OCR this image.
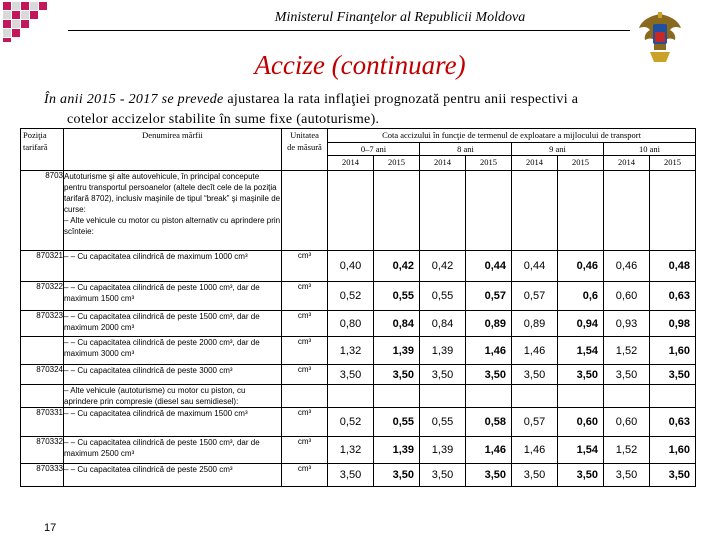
Ministerul Finanţelor al Republicii Moldova
Accize (continuare)
În anii 2015 - 2017 se prevede ajustarea la rata inflaţiei prognozată pentru anii respectivi a
cotelor accizelor stabilite în sume fixe (autoturisme).
Poziţia tarifară	Denumirea mărfii	Unitatea de măsură	Cota accizului în funcţie de termenul de exploatare a mijlocului de transport							
			0–7 ani		8 ani		9 ani		10 ani	
			2014	2015	2014	2015	2014	2015	2014	2015
8703	Autoturisme şi alte autovehicule, în principal concepute pentru transportul persoanelor (altele decît cele de la poziţia tarifară 8702), inclusiv maşinile de tipul “break” şi maşinile de curse:
– Alte vehicule cu motor cu piston alternativ cu aprindere prin scînteie:									
870321	– – Cu capacitatea cilindrică de maximum 1000 cm³	cm³	0,40	0,42	0,42	0,44	0,44	0,46	0,46	0,48
870322	– – Cu capacitatea cilindrică de peste 1000 cm³, dar de maximum 1500 cm³	cm³	0,52	0,55	0,55	0,57	0,57	0,6	0,60	0,63
870323	– – Cu capacitatea cilindrică de peste 1500 cm³, dar de maximum 2000 cm³	cm³	0,80	0,84	0,84	0,89	0,89	0,94	0,93	0,98
	– – Cu capacitatea cilindrică de peste 2000 cm³, dar de maximum 3000 cm³	cm³	1,32	1,39	1,39	1,46	1,46	1,54	1,52	1,60
870324	– – Cu capacitatea cilindrică de peste 3000 cm³	cm³	3,50	3,50	3,50	3,50	3,50	3,50	3,50	3,50
	– Alte vehicule (autoturisme) cu motor cu piston, cu aprindere prin compresie (diesel sau semidiesel):									
870331	– – Cu capacitatea cilindrică de maximum 1500 cm³	cm³	0,52	0,55	0,55	0,58	0,57	0,60	0,60	0,63
870332	– – Cu capacitatea cilindrică de peste 1500 cm³, dar de maximum 2500 cm³	cm³	1,32	1,39	1,39	1,46	1,46	1,54	1,52	1,60
870333	– – Cu capacitatea cilindrică de peste 2500 cm³	cm³	3,50	3,50	3,50	3,50	3,50	3,50	3,50	3,50
17
